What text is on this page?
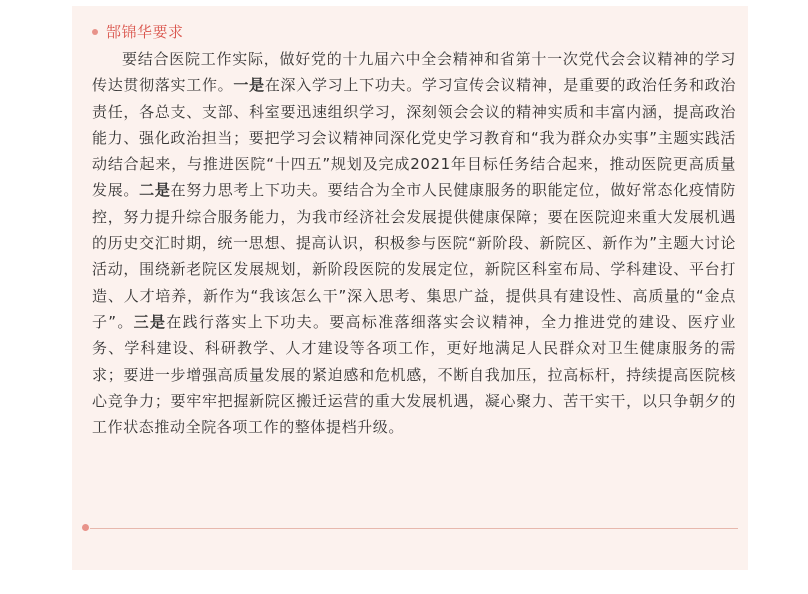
郜锦华要求

要结合医院工作实际，做好党的十九届六中全会精神和省第十一次党代会会议精神的学习传达贯彻落实工作。一是在深入学习上下功夫。学习宣传会议精神，是重要的政治任务和政治责任，各总支、支部、科室要迅速组织学习，深刻领会会议的精神实质和丰富内涵，提高政治能力、强化政治担当；要把学习会议精神同深化党史学习教育和“我为群众办实事”主题实践活动结合起来，与推进医院“十四五”规划及完成2021年目标任务结合起来，推动医院更高质量发展。二是在努力思考上下功夫。要结合为全市人民健康服务的职能定位，做好常态化疫情防控，努力提升综合服务能力，为我市经济社会发展提供健康保障；要在医院迎来重大发展机遇的历史交汇时期，统一思想、提高认识，积极参与医院“新阶段、新院区、新作为”主题大讨论活动，围绕新老院区发展规划，新阶段医院的发展定位，新院区科室布局、学科建设、平台打造、人才培养，新作为“我该怎么干”深入思考、集思广益，提供具有建设性、高质量的“金点子”。三是在践行落实上下功夫。要高标准落细落实会议精神，全力推进党的建设、医疗业务、学科建设、科研教学、人才建设等各项工作，更好地满足人民群众对卫生健康服务的需求；要进一步增强高质量发展的紧迫感和危机感，不断自我加压，拉高标杆，持续提高医院核心竞争力；要牢牢把握新院区搬迁运营的重大发展机遇，凝心聚力、苦干实干，以只争朝夕的工作状态推动全院各项工作的整体提档升级。
